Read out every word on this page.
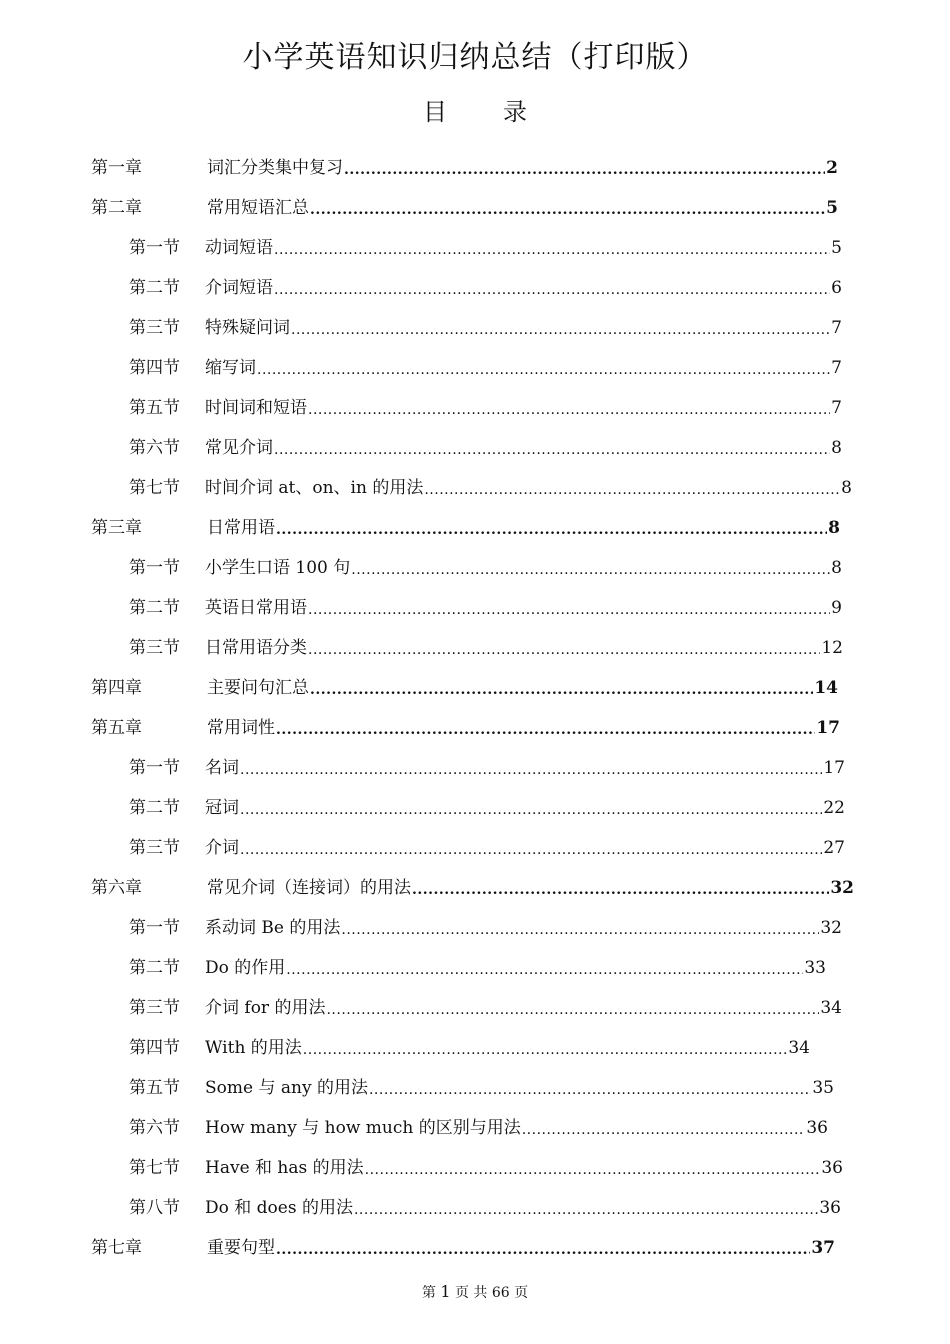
小学英语知识归纳总结（打印版）
目 录
第一章	词汇分类集中复习 .....	2
第二章	常用短语汇总 .....	5
第一节	动词短语 .....	5
第二节	介词短语 .....	6
第三节	特殊疑问词 .....	7
第四节	缩写词 .....	7
第五节	时间词和短语 .....	7
第六节	常见介词 .....	8
第七节	时间介词 at、on、in 的用法 .....	8
第三章	日常用语 .....	8
第一节	小学生口语 100 句 .....	8
第二节	英语日常用语 .....	9
第三节	日常用语分类 .....	12
第四章	主要问句汇总 .....	14
第五章	常用词性 .....	17
第一节	名词 .....	17
第二节	冠词 .....	22
第三节	介词 .....	27
第六章	常见介词（连接词）的用法 .....	32
第一节	系动词 Be 的用法 .....	32
第二节	Do 的作用 .....	33
第三节	介词 for 的用法 .....	34
第四节	With 的用法 .....	34
第五节	Some 与 any 的用法 .....	35
第六节	How many 与 how much 的区别与用法 .....	36
第七节	Have 和 has 的用法 .....	36
第八节	Do 和 does 的用法 .....	36
第七章	重要句型 .....	37
第 1 页 共 66 页
